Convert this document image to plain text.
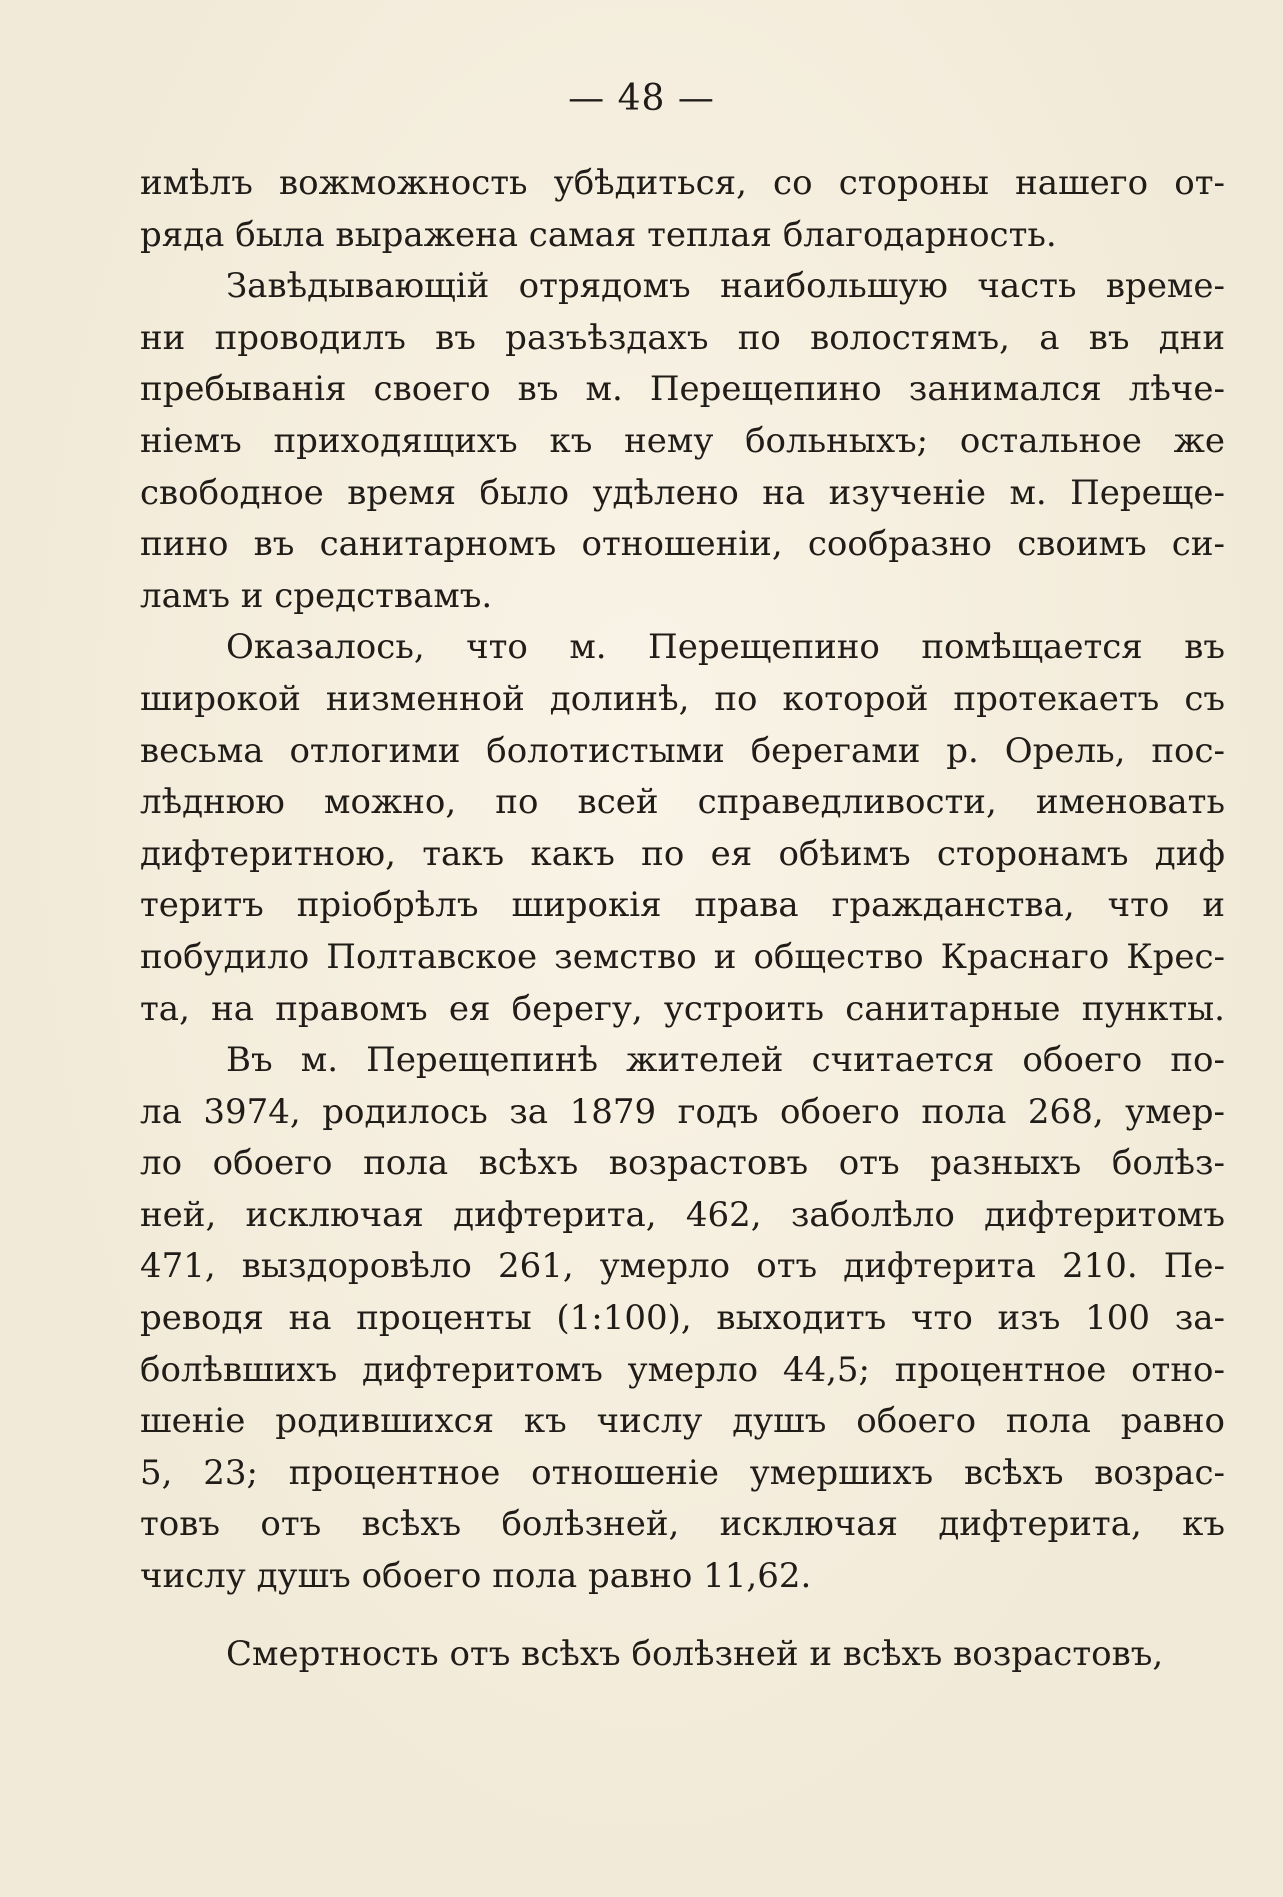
— 48 —

имѣлъ вожможность убѣдиться, со стороны нашего от-
ряда была выражена самая теплая благодарность.

Завѣдывающій отрядомъ наибольшую часть време-
ни проводилъ въ разъѣздахъ по волостямъ, а въ дни
пребыванія своего въ м. Перещепино занимался лѣче-
ніемъ приходящихъ къ нему больныхъ; остальное же
свободное время было удѣлено на изученіе м. Переще-
пино въ санитарномъ отношеніи, сообразно своимъ си-
ламъ и средствамъ.

Оказалось, что м. Перещепино помѣщается въ
широкой низменной долинѣ, по которой протекаетъ съ
весьма отлогими болотистыми берегами р. Орель, пос-
лѣднюю можно, по всей справедливости, именовать
дифтеритною, такъ какъ по ея обѣимъ сторонамъ диф
теритъ пріобрѣлъ широкія права гражданства, что и
побудило Полтавское земство и общество Краснаго Крес-
та, на правомъ ея берегу, устроить санитарные пункты.

Въ м. Перещепинѣ жителей считается обоего по-
ла 3974, родилось за 1879 годъ обоего пола 268, умер-
ло обоего пола всѣхъ возрастовъ отъ разныхъ болѣз-
ней, исключая дифтерита, 462, заболѣло дифтеритомъ
471, выздоровѣло 261, умерло отъ дифтерита 210. Пе-
реводя на проценты (1:100), выходитъ что изъ 100 за-
болѣвшихъ дифтеритомъ умерло 44,5; процентное отно-
шеніе родившихся къ числу душъ обоего пола равно
5, 23; процентное отношеніе умершихъ всѣхъ возрас-
товъ отъ всѣхъ болѣзней, исключая дифтерита, къ
числу душъ обоего пола равно 11,62.

Смертность отъ всѣхъ болѣзней и всѣхъ возрастовъ,
